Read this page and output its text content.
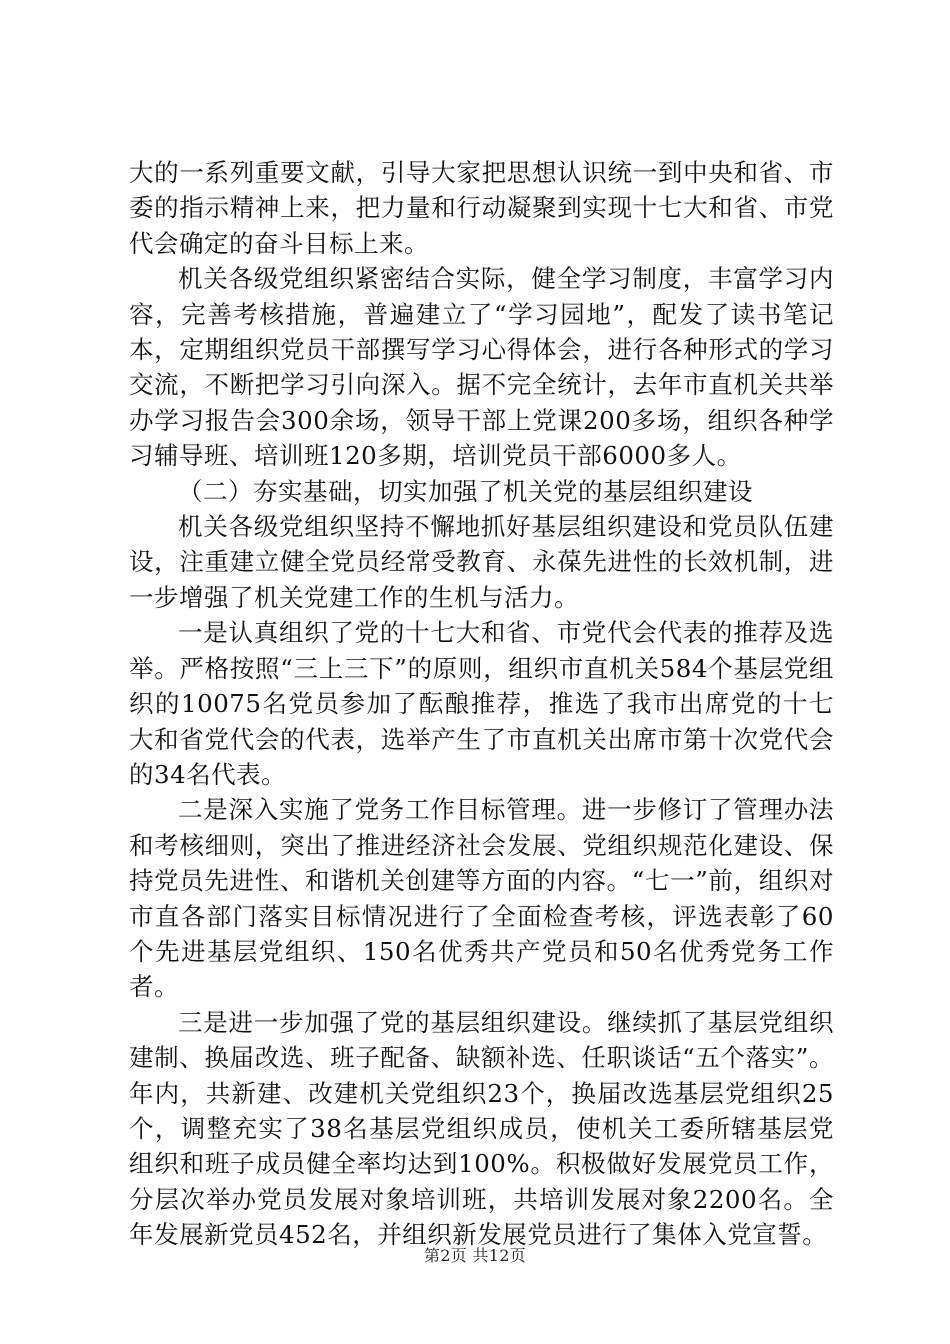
大的一系列重要文献，引导大家把思想认识统一到中央和省、市委的指示精神上来，把力量和行动凝聚到实现十七大和省、市党代会确定的奋斗目标上来。

机关各级党组织紧密结合实际，健全学习制度，丰富学习内容，完善考核措施，普遍建立了“学习园地”，配发了读书笔记本，定期组织党员干部撰写学习心得体会，进行各种形式的学习交流，不断把学习引向深入。据不完全统计，去年市直机关共举办学习报告会300余场，领导干部上党课200多场，组织各种学习辅导班、培训班120多期，培训党员干部6000多人。

（二）夯实基础，切实加强了机关党的基层组织建设

机关各级党组织坚持不懈地抓好基层组织建设和党员队伍建设，注重建立健全党员经常受教育、永葆先进性的长效机制，进一步增强了机关党建工作的生机与活力。

一是认真组织了党的十七大和省、市党代会代表的推荐及选举。严格按照“三上三下”的原则，组织市直机关584个基层党组织的10075名党员参加了酝酿推荐，推选了我市出席党的十七大和省党代会的代表，选举产生了市直机关出席市第十次党代会的34名代表。

二是深入实施了党务工作目标管理。进一步修订了管理办法和考核细则，突出了推进经济社会发展、党组织规范化建设、保持党员先进性、和谐机关创建等方面的内容。“七一”前，组织对市直各部门落实目标情况进行了全面检查考核，评选表彰了60个先进基层党组织、150名优秀共产党员和50名优秀党务工作者。

三是进一步加强了党的基层组织建设。继续抓了基层党组织建制、换届改选、班子配备、缺额补选、任职谈话“五个落实”。年内，共新建、改建机关党组织23个，换届改选基层党组织25个，调整充实了38名基层党组织成员，使机关工委所辖基层党组织和班子成员健全率均达到100%。积极做好发展党员工作，分层次举办党员发展对象培训班，共培训发展对象2200名。全年发展新党员452名，并组织新发展党员进行了集体入党宣誓。

第2页 共12页
